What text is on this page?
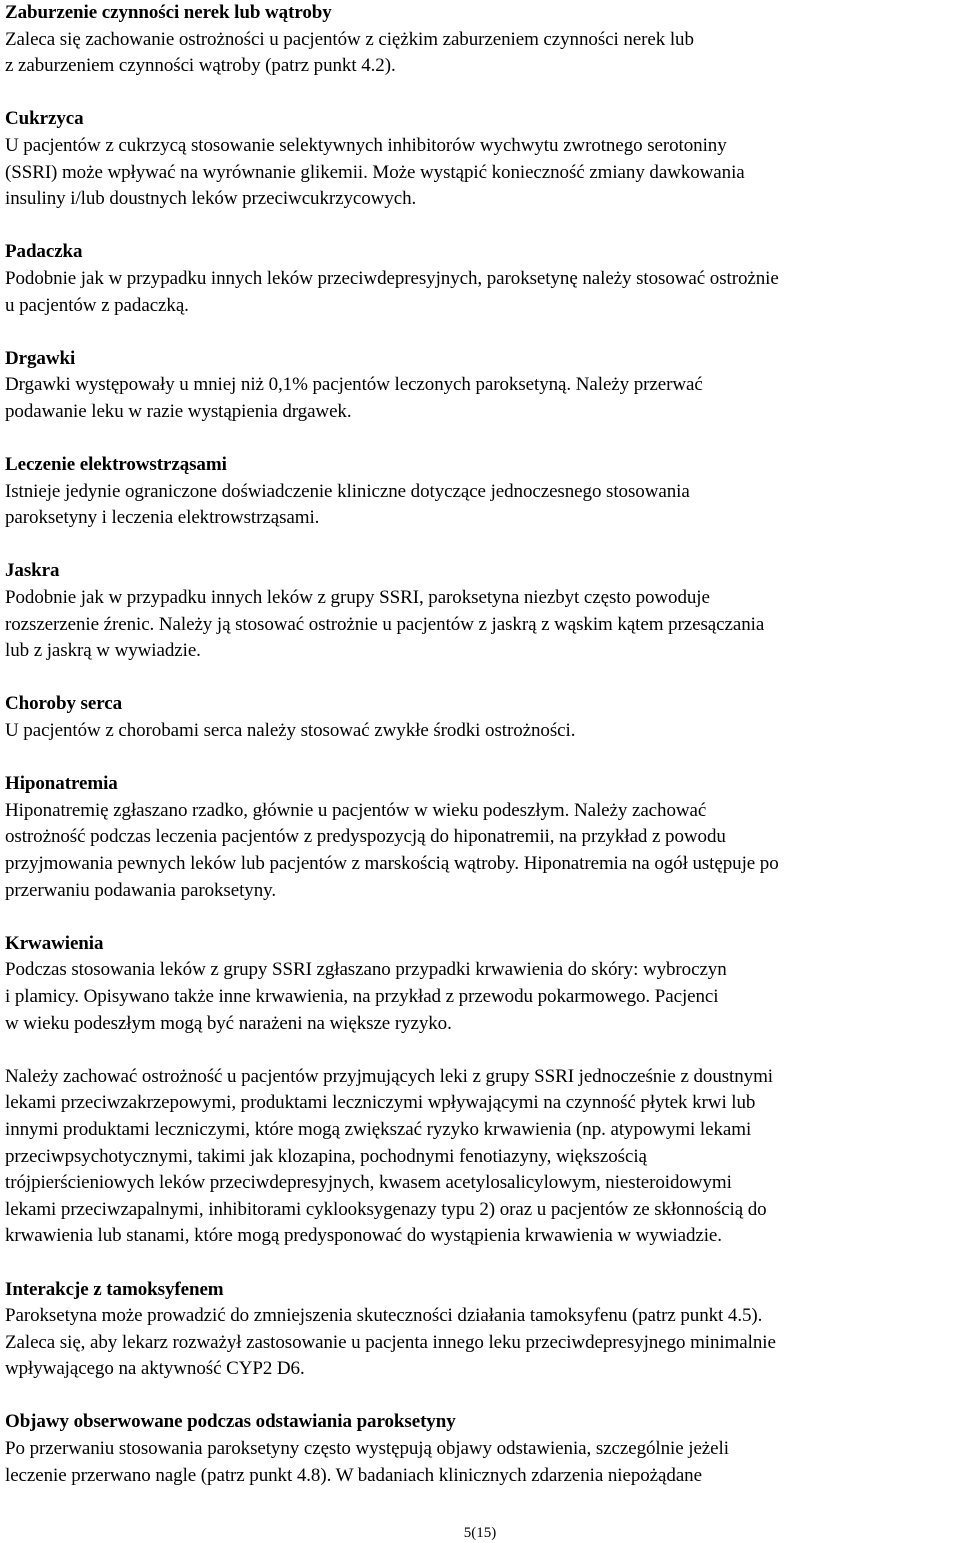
Zaburzenie czynności nerek lub wątroby
Zaleca się zachowanie ostrożności u pacjentów z ciężkim zaburzeniem czynności nerek lub
z zaburzeniem czynności wątroby (patrz punkt 4.2).
Cukrzyca
U pacjentów z cukrzycą stosowanie selektywnych inhibitorów wychwytu zwrotnego serotoniny
(SSRI) może wpływać na wyrównanie glikemii. Może wystąpić konieczność zmiany dawkowania
insuliny i/lub doustnych leków przeciwcukrzycowych.
Padaczka
Podobnie jak w przypadku innych leków przeciwdepresyjnych, paroksetynę należy stosować ostrożnie
u pacjentów z padaczką.
Drgawki
Drgawki występowały u mniej niż 0,1% pacjentów leczonych paroksetyną. Należy przerwać
podawanie leku w razie wystąpienia drgawek.
Leczenie elektrowstrząsami
Istnieje jedynie ograniczone doświadczenie kliniczne dotyczące jednoczesnego stosowania
paroksetyny i leczenia elektrowstrząsami.
Jaskra
Podobnie jak w przypadku innych leków z grupy SSRI, paroksetyna niezbyt często powoduje
rozszerzenie źrenic. Należy ją stosować ostrożnie u pacjentów z jaskrą z wąskim kątem przesączania
lub z jaskrą w wywiadzie.
Choroby serca
U pacjentów z chorobami serca należy stosować zwykłe środki ostrożności.
Hiponatremia
Hiponatremię zgłaszano rzadko, głównie u pacjentów w wieku podeszłym. Należy zachować
ostrożność podczas leczenia pacjentów z predyspozycją do hiponatremii, na przykład z powodu
przyjmowania pewnych leków lub pacjentów z marskością wątroby. Hiponatremia na ogół ustępuje po
przerwaniu podawania paroksetyny.
Krwawienia
Podczas stosowania leków z grupy SSRI zgłaszano przypadki krwawienia do skóry: wybroczyn
i plamicy. Opisywano także inne krwawienia, na przykład z przewodu pokarmowego. Pacjenci
w wieku podeszłym mogą być narażeni na większe ryzyko.
Należy zachować ostrożność u pacjentów przyjmujących leki z grupy SSRI jednocześnie z doustnymi
lekami przeciwzakrzepowymi, produktami leczniczymi wpływającymi na czynność płytek krwi lub
innymi produktami leczniczymi, które mogą zwiększać ryzyko krwawienia (np. atypowymi lekami
przeciwpsychotycznymi, takimi jak klozapina, pochodnymi fenotiazyny, większością
trójpierścieniowych leków przeciwdepresyjnych, kwasem acetylosalicylowym, niesteroidowymi
lekami przeciwzapalnymi, inhibitorami cyklooksygenazy typu 2) oraz u pacjentów ze skłonnością do
krwawienia lub stanami, które mogą predysponować do wystąpienia krwawienia w wywiadzie.
Interakcje z tamoksyfenem
Paroksetyna może prowadzić do zmniejszenia skuteczności działania tamoksyfenu (patrz punkt 4.5).
Zaleca się, aby lekarz rozważył zastosowanie u pacjenta innego leku przeciwdepresyjnego minimalnie
wpływającego na aktywność CYP2 D6.
Objawy obserwowane podczas odstawiania paroksetyny
Po przerwaniu stosowania paroksetyny często występują objawy odstawienia, szczególnie jeżeli
leczenie przerwano nagle (patrz punkt 4.8). W badaniach klinicznych zdarzenia niepożądane
5(15)
